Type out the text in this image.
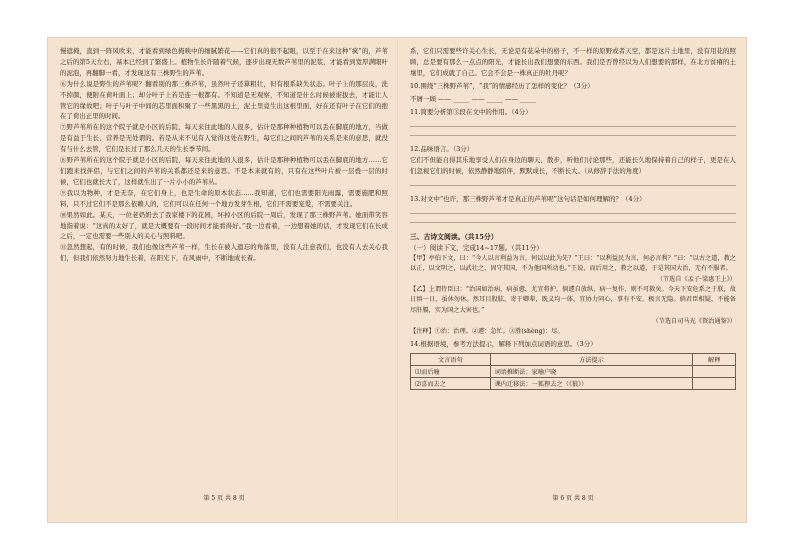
慢遮掩，直到一阵风吹来，才能看到绿色掩映中的细腻繁花——它们真的很不起眼，以至于在来这种“疯”的，芦苇之后的第5天左右，基本已经到了繁盛上。植物生长许随着气候，逐步出现无数芦苇里的泥浆，才能看到宽厚满眼叶的泥泡，再翻脚一看，才发现这有三株野生的芦苇。

⑥为什么说是野生的芦苇呢？翻看别的那三株芦苇，虽然叶子还算粗壮，但有根系缺失状态。叶子上的那层皮，洗不掉颜，便附在荷叶面上；却分叶子上若是连一根都有。不知道是无观察，不知道是什么时候被谁拔去，才能让人管它的缘故吧；叶子与叶子中间的芯里面积聚了一些黑黑的土，泥土里竟生出这根里面，好在还有叶子在它们的抱在了荷出正里的时间。

⑦野芦苇所在的这个院子就是小区的后院，每天来往此地的人很多，估计是那种种植物可以丢在脚底的地方，当做是有益于生长、营养是无处谓的。若是从来不见有人觉得这处在野生，每它们之间的芦苇的关系是来的意思，就没有与什么去管，它们是长过了那么几天的生长季节间。

⑧野芦苇所在的这个院子就是小区的后院，每天来往此地的人很多，估计是那种种植物可以丢在脚底的地方……它们跑来找伴侣，与它们之间的芦苇的关系都还是来的意思。不是本来就有的，只有在这些叶片被一层叠一层的时候，它们也就长大了，这样就生出了一片小小的芦苇丛。

⑨我以为物种，才是无奈，在它们身上，也是生命的原本状态……我知道，它们也需要阳光雨露，需要施肥和照料，只不过它们不是那么依赖人的，它们可以在任何一个地方发芽生根，它们不需要宠爱，不需要关注。

⑩果然如此。某天，一位老奶奶去了我家楼下的花园，坏掉小区的后院一周后，发现了那三株野芦苇。她面带笑容地指着说：“这真的太好了，就是大概要有一段时间才能看得好。”我一边看着，一边想着她的话，才发现它们在长成之后，一定也需要一些别人的关心与照料吧。

⑪忽然想起，有的时候，我们也像这些芦苇一样，生长在被人遗忘的角落里，没有人注意我们，也没有人去关心我们，但我们依然努力地生长着，在阳光下，在风雨中，不断地成长着。

第 5 页 共 8 页

系，它们只需要些许关心生长，无论是有花朵中的格子，不一样的原野或者天空，都是这片土地里，没有用花的照顾，总是要有那么一点点的阳光，才能长出我们想要的东西。我们是否曾经以为人们想要的那样，在北方贫瘠的土壤里，它们成就了自己。它会不会是一株真正的牡丹呢？

10.围绕“三株野芦苇”，“我”的情感经历了怎样的变化？（3分）
不屑一顾 —— _____ —— _____ —— _____
11.简要分析第③段在文中的作用。（4分）
12.品味语言。（3分）

它们不但能自得其乐地享受人们在身边的聊天、散步，听他们讨论那些，还能长久地保持着自己的样子，更是在人们忽视它们的时候，依然静静地陪伴，默默成长，不断长大。（从修辞手法的角度）

13.对文中“也许，那三株野芦苇才是真正的芦苇呢”这句话是如何理解的？（4分）
三、古诗文阅读。（共15分）
（一）阅读下文，完成14~17题。（共11分）

【甲】亭伯下文，曰：“今人以言利益为言，何以以此为先？”王曰：“以利益民为言，何必言利？”曰：“以古之道，教之以正，以文明之，以武壮之，固守其国，不为他国所动也。”王说，而后用之，教之以道，于是其国大治，无有不服者。

（节选自《孟子·梁惠王上》）

【乙】上谓侍臣曰：“治国如治病，病虽愈，尤宜将护，倘遽自放纵，病一复作，则不可救矣。今天下安危系之于朕，故日慎一日，虽休勿休。然耳目股肱，寄于卿辈，既义均一体，宜协力同心，事有不安，极言无隐。倘君臣相疑，不能备尽肝膈，实为国之大害也。”

（节选自司马光《资治通鉴》）

【注释】①治：治理。②遽：急忙。③胜(shèng)：尽。

14.根据语境，参考方法提示，解释下列加点词语的意思。（3分）
文言语句	方法提示	解释
⑴而后喻	词语推断法：家喻户晓	
⑵喜而去之	课内迁移法：一狐狸去之（《狼》）	
第 6 页 共 8 页
